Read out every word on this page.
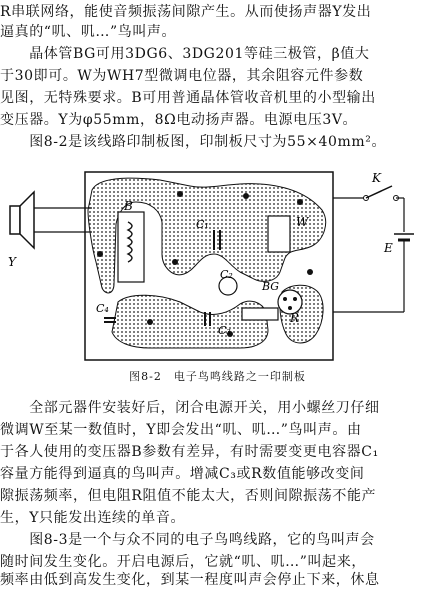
R串联网络，能使音频振荡间隙产生。从而使扬声器Y发出
逼真的“叽、叽…”鸟叫声。
　　晶体管BG可用3DG6、3DG201等硅三极管，β值大
于30即可。W为WH7型微调电位器，其余阻容元件参数
见图，无特殊要求。B可用普通晶体管收音机里的小型输出
变压器。Y为φ55mm，8Ω电动扬声器。电源电压3V。
　　图8-2是该线路印制板图，印制板尺寸为55×40mm²。
K
E
Y
B
C₁
C₂
C₃
C₄
W
BG
R
图8-2　电子鸟鸣线路之一印制板
　　全部元器件安装好后，闭合电源开关，用小螺丝刀仔细
微调W至某一数值时，Y即会发出“叽、叽…”鸟叫声。由
于各人使用的变压器B参数有差异，有时需要变更电容器C₁
容量方能得到逼真的鸟叫声。增减C₃或R数值能够改变间
隙振荡频率，但电阻R阻值不能太大，否则间隙振荡不能产
生，Y只能发出连续的单音。
　　图8-3是一个与众不同的电子鸟鸣线路，它的鸟叫声会
随时间发生变化。开启电源后，它就“叽、叽…”叫起来，
频率由低到高发生变化，到某一程度叫声会停止下来，休息
